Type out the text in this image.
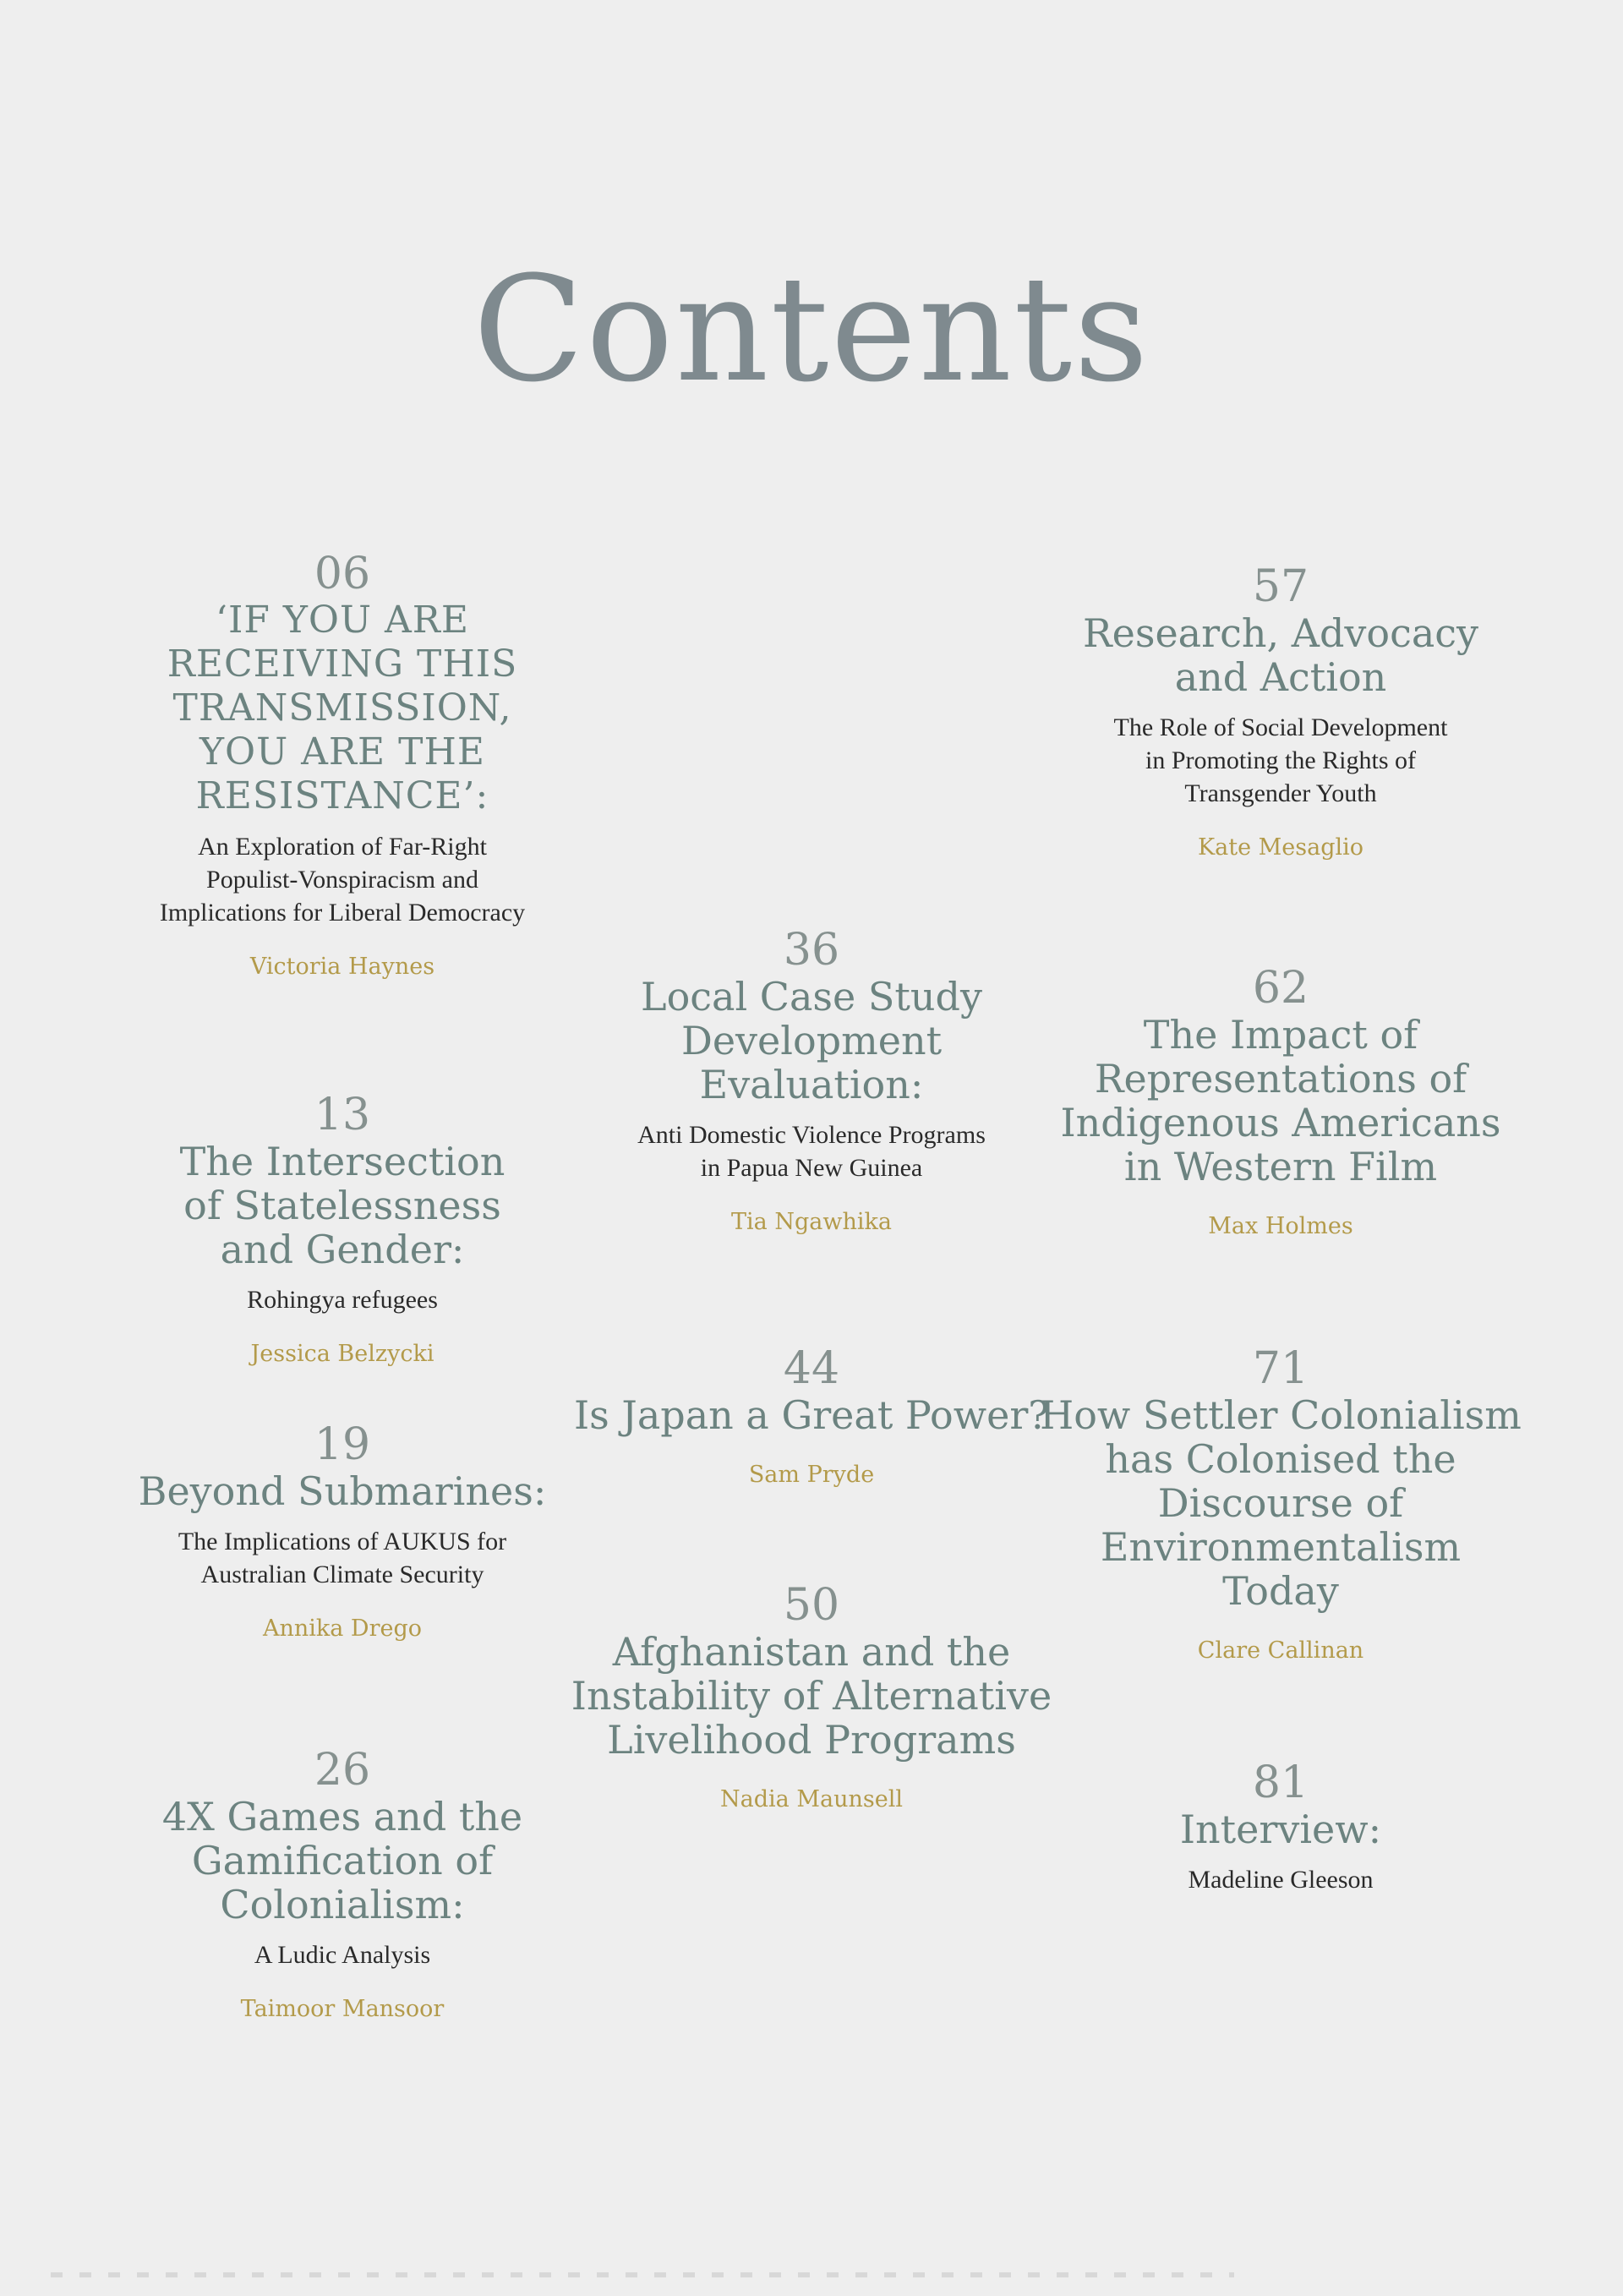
Contents

06

‘IF YOU ARE
RECEIVING THIS
TRANSMISSION,
YOU ARE THE
RESISTANCE’:

An Exploration of Far-Right
Populist-Vonspiracism and
Implications for Liberal Democracy

Victoria Haynes

13

The Intersection
of Statelessness
and Gender:

Rohingya refugees

Jessica Belzycki

19

Beyond Submarines:

The Implications of AUKUS for
Australian Climate Security

Annika Drego

26

4X Games and the
Gamification of
Colonialism:

A Ludic Analysis

Taimoor Mansoor

36

Local Case Study
Development
Evaluation:

Anti Domestic Violence Programs
in Papua New Guinea

Tia Ngawhika

44

Is Japan a Great Power?

Sam Pryde

50

Afghanistan and the
Instability of Alternative
Livelihood Programs

Nadia Maunsell

57

Research, Advocacy
and Action

The Role of Social Development
in Promoting the Rights of
Transgender Youth

Kate Mesaglio

62

The Impact of
Representations of
Indigenous Americans
in Western Film

Max Holmes

71

How Settler Colonialism
has Colonised the
Discourse of
Environmentalism
Today

Clare Callinan

81

Interview:

Madeline Gleeson
